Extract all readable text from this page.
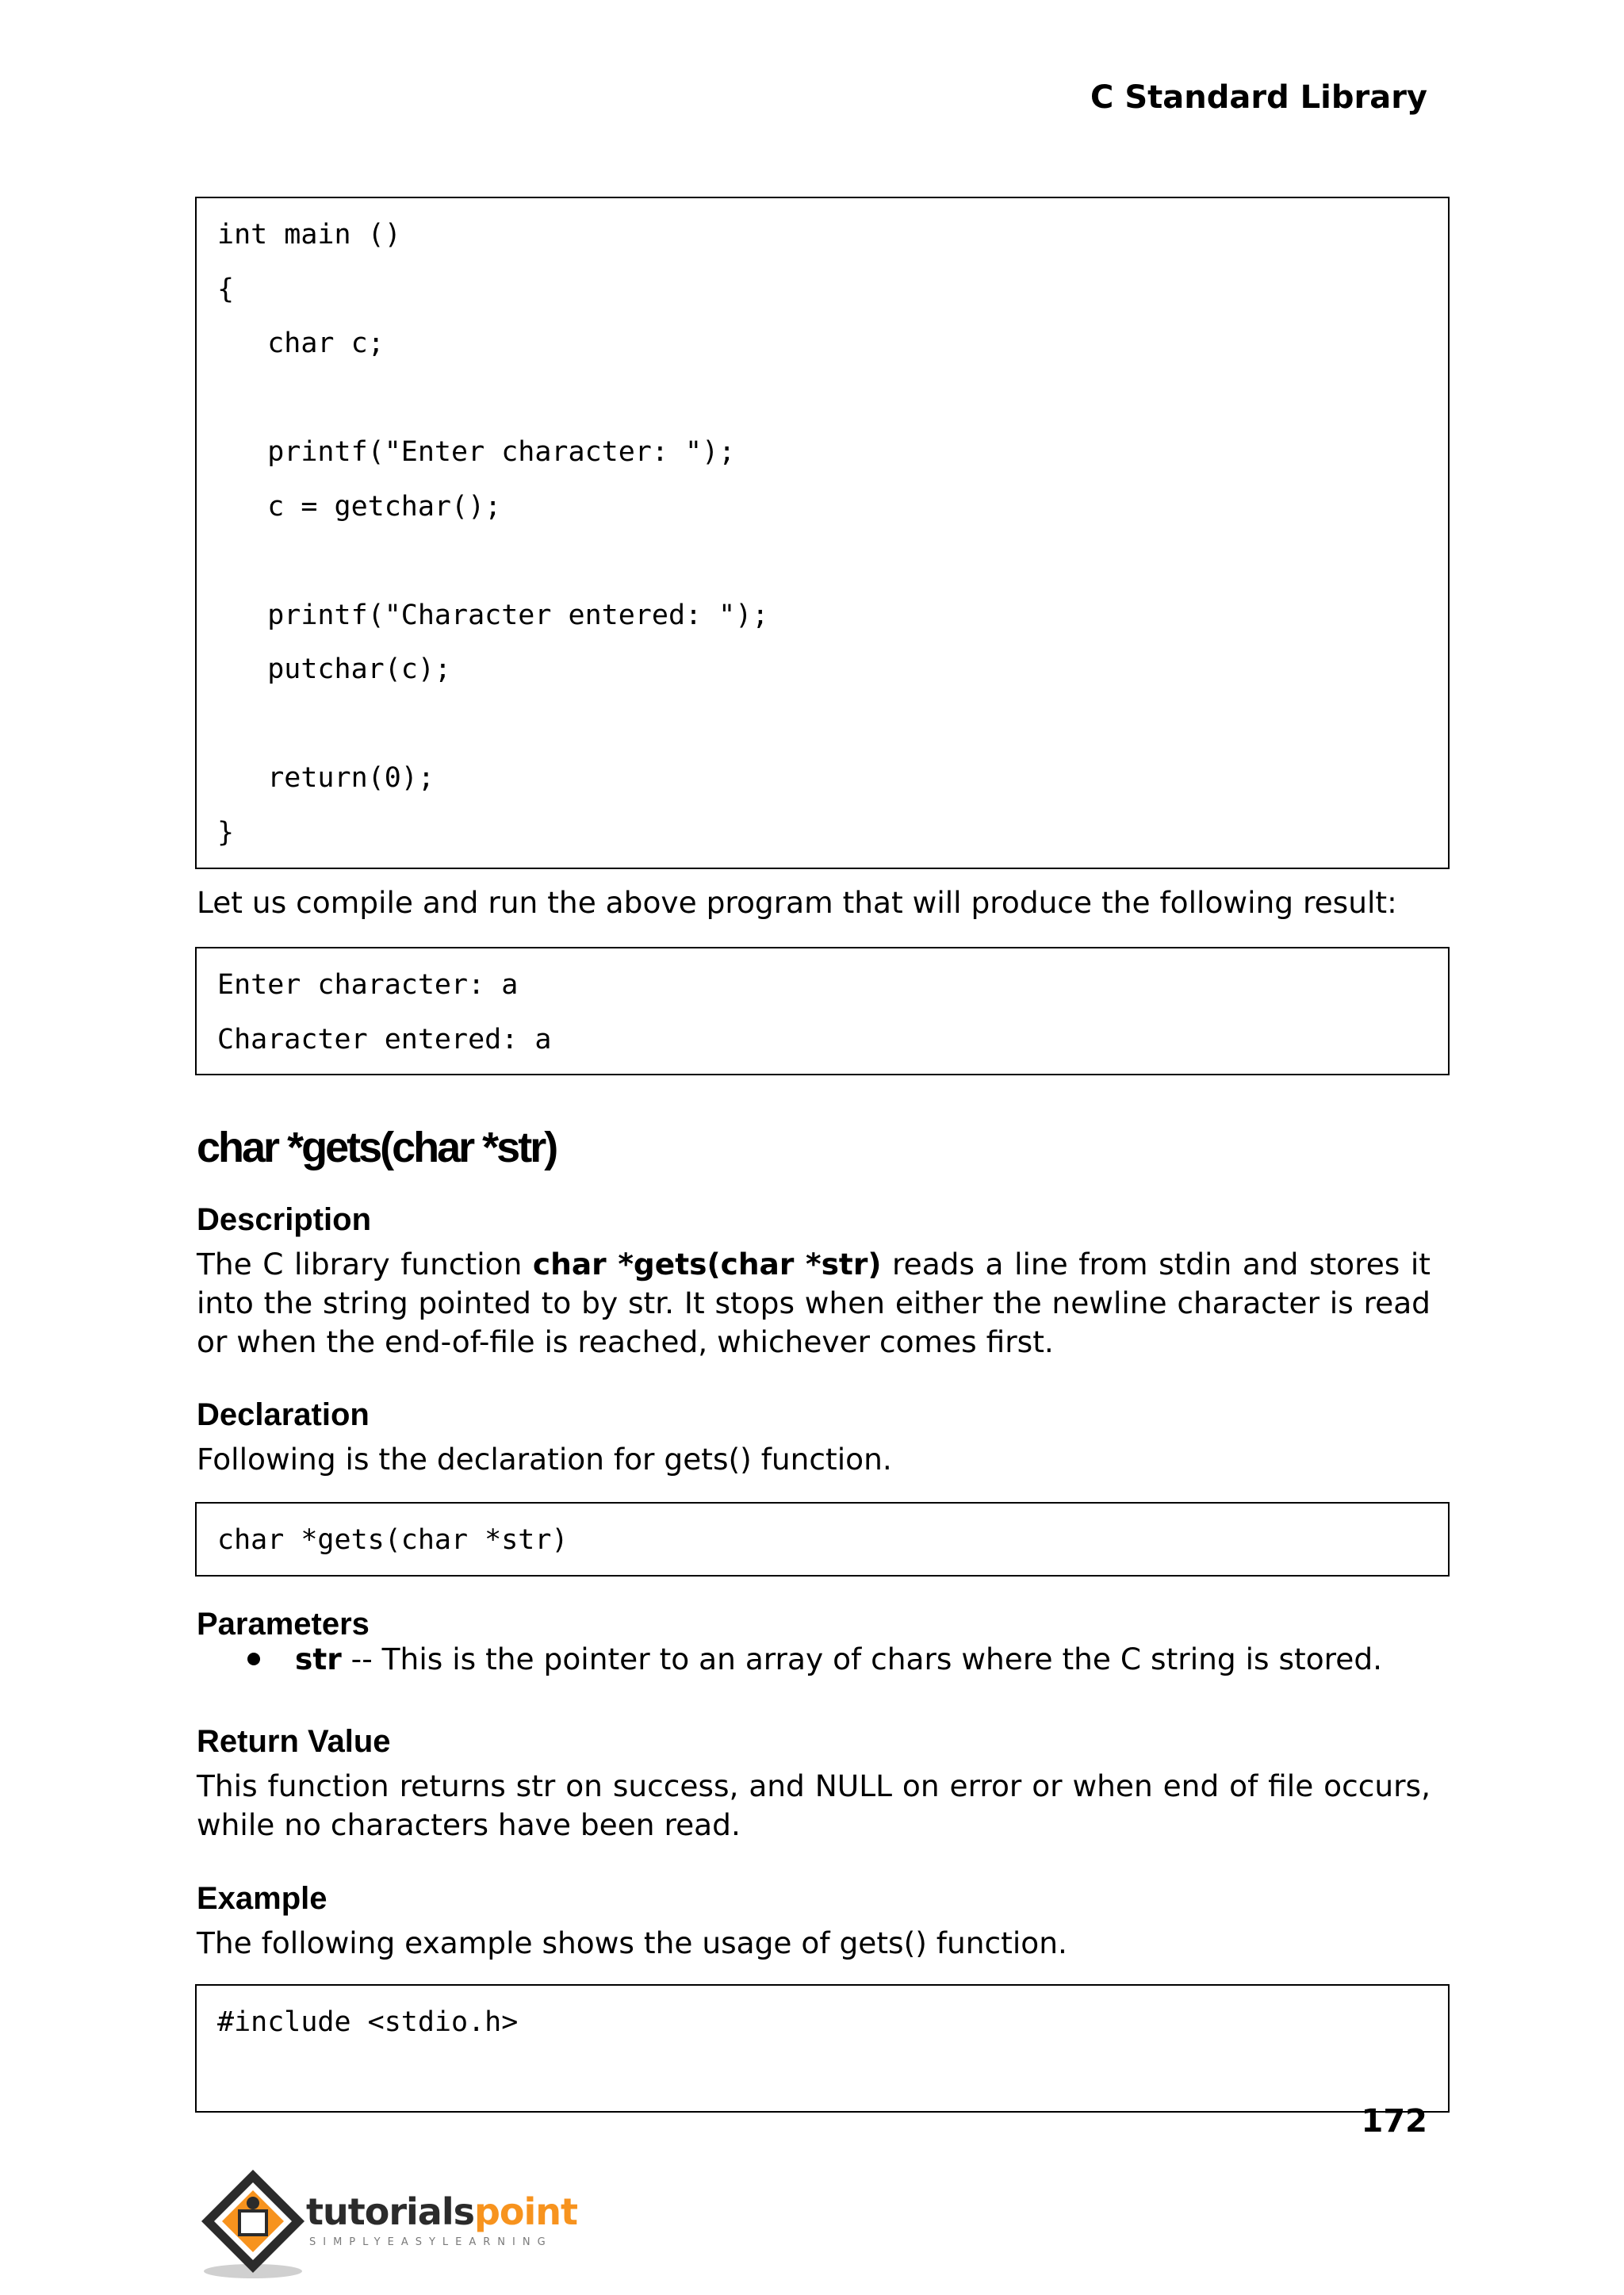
C Standard Library
int main ()
{
char c;
printf("Enter character: ");
c = getchar();
printf("Character entered: ");
putchar(c);
return(0);
}
Let us compile and run the above program that will produce the following result:
Enter character: a
Character entered: a
char *gets(char *str)
Description
The C library function char *gets(char *str) reads a line from stdin and stores it into the string pointed to by str. It stops when either the newline character is read or when the end-of-file is reached, whichever comes first.
Declaration
Following is the declaration for gets() function.
char *gets(char *str)
Parameters
str -- This is the pointer to an array of chars where the C string is stored.
Return Value
This function returns str on success, and NULL on error or when end of file occurs, while no characters have been read.
Example
The following example shows the usage of gets() function.
#include <stdio.h>
172
tutorialspoint
SIMPLYEASYLEARNING
